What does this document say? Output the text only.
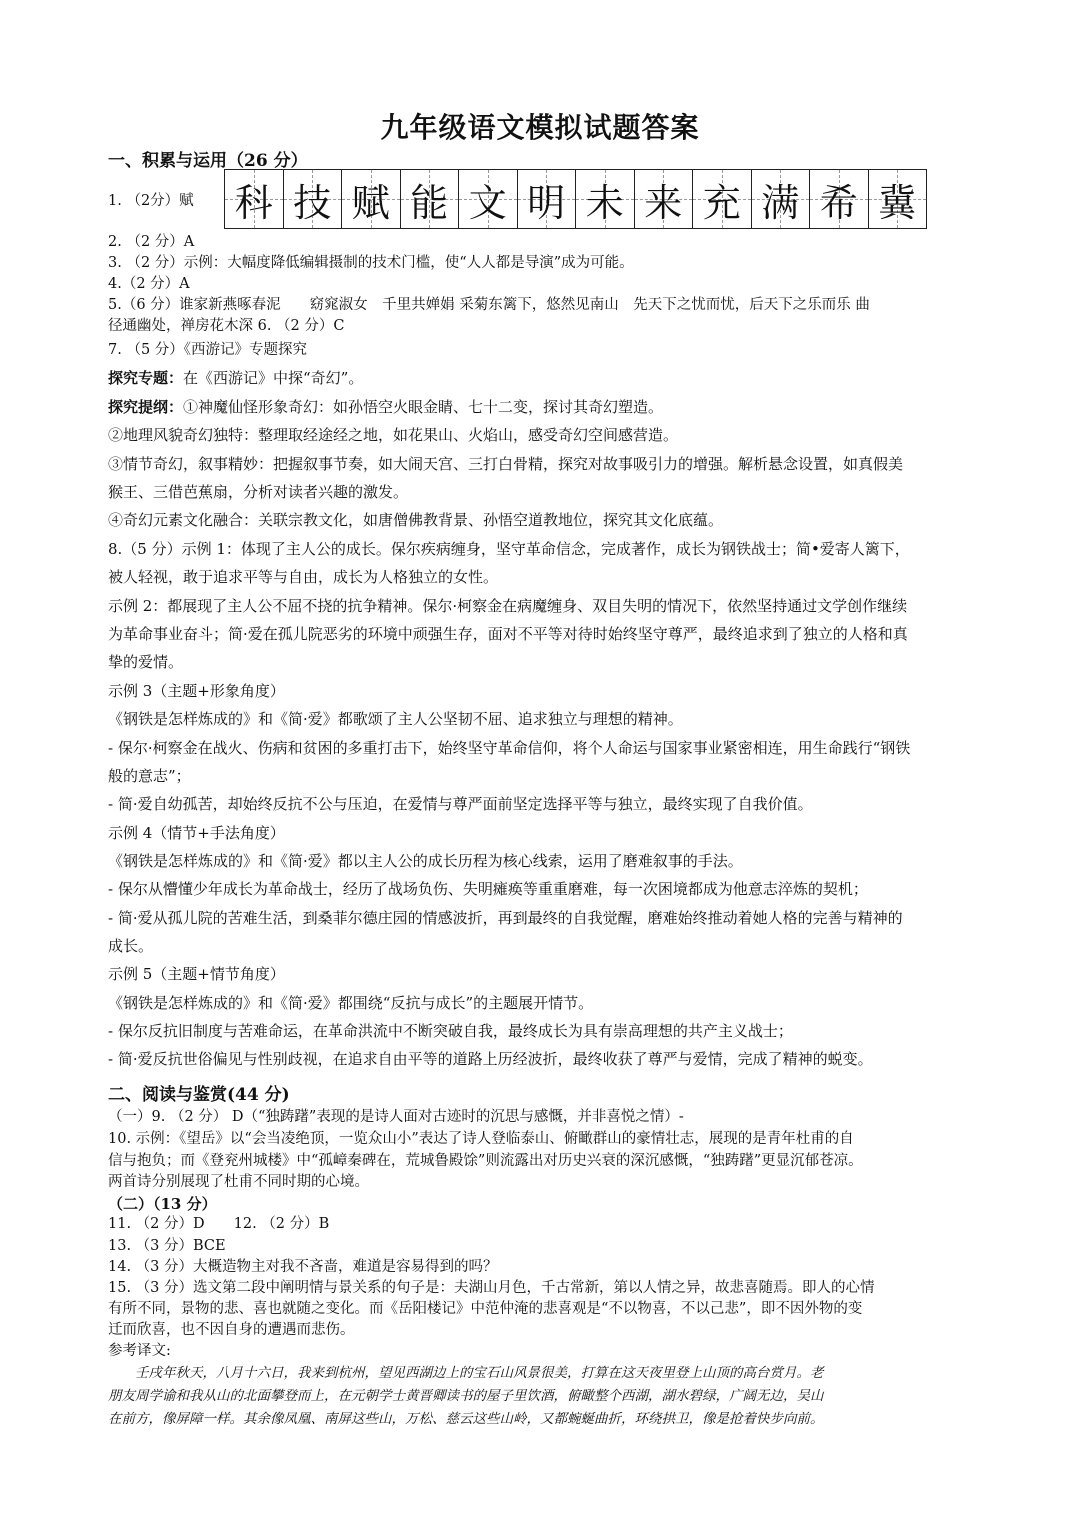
九年级语文模拟试题答案
一、积累与运用（26 分）
1. （2分）赋 科 技 赋 能 文 明 未 来 充 满 希 冀
2. （2 分）A
3. （2 分）示例：大幅度降低编辑摄制的技术门槛，使“人人都是导演”成为可能。
4.（2 分）A
5.（6 分）谁家新燕啄春泥　　窈窕淑女　千里共婵娟 采菊东篱下，悠然见南山　先天下之忧而忧，后天下之乐而乐 曲
径通幽处，禅房花木深 6. （2 分）C
7. （5 分）《西游记》专题探究
探究专题：在《西游记》中探“奇幻”。
探究提纲：①神魔仙怪形象奇幻：如孙悟空火眼金睛、七十二变，探讨其奇幻塑造。
②地理风貌奇幻独特：整理取经途经之地，如花果山、火焰山，感受奇幻空间感营造。
③情节奇幻，叙事精妙：把握叙事节奏，如大闹天宫、三打白骨精，探究对故事吸引力的增强。解析悬念设置，如真假美
猴王、三借芭蕉扇，分析对读者兴趣的激发。
④奇幻元素文化融合：关联宗教文化，如唐僧佛教背景、孙悟空道教地位，探究其文化底蕴。
8.（5 分）示例 1：体现了主人公的成长。保尔疾病缠身，坚守革命信念，完成著作，成长为钢铁战士；简•爱寄人篱下，
被人轻视，敢于追求平等与自由，成长为人格独立的女性。
示例 2：都展现了主人公不屈不挠的抗争精神。保尔·柯察金在病魔缠身、双目失明的情况下，依然坚持通过文学创作继续
为革命事业奋斗；简·爱在孤儿院恶劣的环境中顽强生存，面对不平等对待时始终坚守尊严，最终追求到了独立的人格和真
挚的爱情。
示例 3（主题+形象角度）
《钢铁是怎样炼成的》和《简·爱》都歌颂了主人公坚韧不屈、追求独立与理想的精神。
- 保尔·柯察金在战火、伤病和贫困的多重打击下，始终坚守革命信仰，将个人命运与国家事业紧密相连，用生命践行“钢铁
般的意志”；
- 简·爱自幼孤苦，却始终反抗不公与压迫，在爱情与尊严面前坚定选择平等与独立，最终实现了自我价值。
示例 4（情节+手法角度）
《钢铁是怎样炼成的》和《简·爱》都以主人公的成长历程为核心线索，运用了磨难叙事的手法。
- 保尔从懵懂少年成长为革命战士，经历了战场负伤、失明瘫痪等重重磨难，每一次困境都成为他意志淬炼的契机；
- 简·爱从孤儿院的苦难生活，到桑菲尔德庄园的情感波折，再到最终的自我觉醒，磨难始终推动着她人格的完善与精神的
成长。
示例 5（主题+情节角度）
《钢铁是怎样炼成的》和《简·爱》都围绕“反抗与成长”的主题展开情节。
- 保尔反抗旧制度与苦难命运，在革命洪流中不断突破自我，最终成长为具有崇高理想的共产主义战士；
- 简·爱反抗世俗偏见与性别歧视，在追求自由平等的道路上历经波折，最终收获了尊严与爱情，完成了精神的蜕变。
二、阅读与鉴赏(44 分)
（一）9. （2 分） D（“独踌躇”表现的是诗人面对古迹时的沉思与感慨，并非喜悦之情）-
10. 示例：《望岳》以“会当凌绝顶，一览众山小”表达了诗人登临泰山、俯瞰群山的豪情壮志，展现的是青年杜甫的自
信与抱负；而《登兖州城楼》中“孤嶂秦碑在，荒城鲁殿馀”则流露出对历史兴衰的深沉感慨，“独踌躇”更显沉郁苍凉。
两首诗分别展现了杜甫不同时期的心境。
（二）（13 分）
11. （2 分）D　　12. （2 分）B
13. （3 分）BCE
14. （3 分）大概造物主对我不吝啬，难道是容易得到的吗？
15. （3 分）选文第二段中阐明情与景关系的句子是：夫湖山月色，千古常新，第以人情之异，故悲喜随焉。即人的心情
有所不同，景物的悲、喜也就随之变化。而《岳阳楼记》中范仲淹的悲喜观是“不以物喜，不以己悲”，即不因外物的变
迁而欣喜，也不因自身的遭遇而悲伤。
参考译文:
　　壬戌年秋天，八月十六日，我来到杭州，望见西湖边上的宝石山风景很美，打算在这天夜里登上山顶的高台赏月。老
朋友周学谕和我从山的北面攀登而上，在元朝学士黄晋卿读书的屋子里饮酒，俯瞰整个西湖，湖水碧绿，广阔无边，吴山
在前方，像屏障一样。其余像凤凰、南屏这些山，万松、慈云这些山岭，又都蜿蜒曲折，环绕拱卫，像是抢着快步向前。
